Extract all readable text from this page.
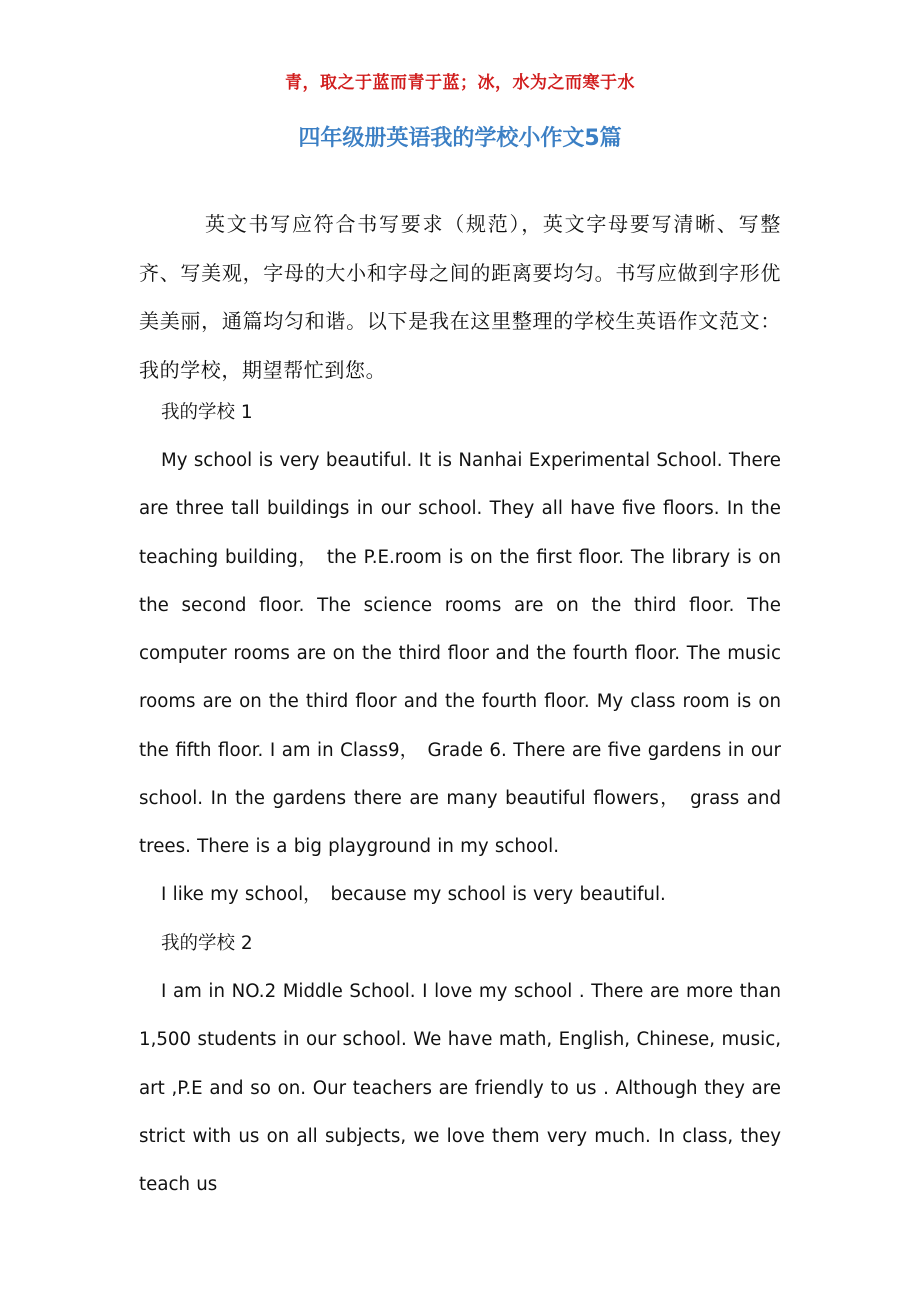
青，取之于蓝而青于蓝；冰，水为之而寒于水
四年级册英语我的学校小作文5篇
英文书写应符合书写要求（规范），英文字母要写清晰、写整齐、写美观，字母的大小和字母之间的距离要均匀。书写应做到字形优美美丽，通篇均匀和谐。以下是我在这里整理的学校生英语作文范文：我的学校，期望帮忙到您。
我的学校 1
My school is very beautiful. It is Nanhai Experimental School. There are three tall buildings in our school. They all have five floors. In the teaching building，　the P.E.room is on the first floor. The library is on the second floor. The science rooms are on the third floor. The computer rooms are on the third floor and the fourth floor. The music rooms are on the third floor and the fourth floor. My class room is on the fifth floor. I am in Class9，　Grade 6. There are five gardens in our school. In the gardens there are many beautiful flowers，　grass and trees. There is a big playground in my school.
I like my school，　because my school is very beautiful.
我的学校 2
I am in NO.2 Middle School. I love my school . There are more than 1,500 students in our school. We have math, English, Chinese, music, art ,P.E and so on. Our teachers are friendly to us . Although they are strict with us on all subjects, we love them very much. In class, they teach us
